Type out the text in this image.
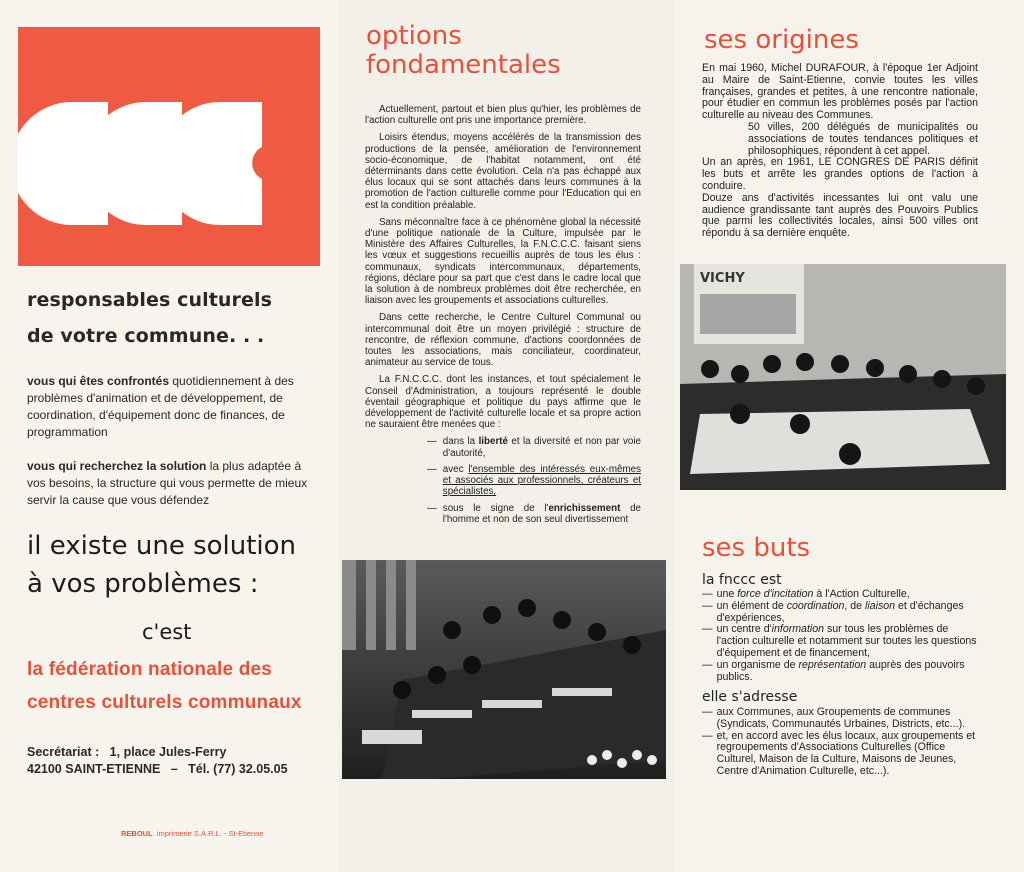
responsables culturels
de votre commune. . .
vous qui êtes confrontés quotidiennement à des problèmes d'animation et de développement, de coordination, d'équipement donc de finances, de programmation
vous qui recherchez la solution la plus adaptée à vos besoins, la structure qui vous permette de mieux servir la cause que vous défendez
il existe une solution
à vos problèmes :
c'est
la fédération nationale des
centres culturels communaux
Secrétariat :   1, place Jules-Ferry
42100 SAINT-ETIENNE   –   Tél. (77) 32.05.05
REBOUL  imprimerie S.A.R.L. - St-Etienne
options
fondamentales

Actuellement, partout et bien plus qu'hier, les problèmes de l'action culturelle ont pris une importance première.

Loisirs étendus, moyens accélérés de la transmission des productions de la pensée, amélioration de l'environnement socio-économique, de l'habitat notamment, ont été déterminants dans cette évolution. Cela n'a pas échappé aux élus locaux qui se sont attachés dans leurs communes à la promotion de l'action culturelle comme pour l'Education qui en est la condition préalable.

Sans méconnaître face à ce phénomène global la nécessité d'une politique nationale de la Culture, impulsée par le Ministère des Affaires Culturelles, la F.N.C.C.C. faisant siens les vœux et suggestions recueillis auprès de tous les élus : communaux, syndicats intercommunaux, départements, régions, déclare pour sa part que c'est dans le cadre local que la solution à de nombreux problèmes doit être recherchée, en liaison avec les groupements et associations culturelles.

Dans cette recherche, le Centre Culturel Communal ou intercommunal doit être un moyen privilégié : structure de rencontre, de réflexion commune, d'actions coordonnées de toutes les associations, mais conciliateur, coordinateur, animateur au service de tous.

La F.N.C.C.C. dont les instances, et tout spécialement le Conseil d'Administration, a toujours représenté le double éventail géographique et politique du pays affirme que le développement de l'activité culturelle locale et sa propre action ne sauraient être menées que :

— dans la liberté et la diversité et non par voie d'autorité,
— avec l'ensemble des intéressés eux-mêmes et associés aux professionnels, créateurs et spécialistes,
— sous le signe de l'enrichissement de l'homme et non de son seul divertissement
ses origines

En mai 1960, Michel DURAFOUR, à l'époque 1er Adjoint au Maire de Saint-Etienne, convie toutes les villes françaises, grandes et petites, à une rencontre nationale, pour étudier en commun les problèmes posés par l'action culturelle au niveau des Communes.

50 villes, 200 délégués de municipalités ou associations de toutes tendances politiques et philosophiques, répondent à cet appel.

Un an après, en 1961, LE CONGRES DE PARIS définit les buts et arrête les grandes options de l'action à conduire.

Douze ans d'activités incessantes lui ont valu une audience grandissante tant auprès des Pouvoirs Publics que parmi les collectivités locales, ainsi 500 villes ont répondu à sa dernière enquête.

VICHY
ses buts
la fnccc est
— une force d'incitation à l'Action Culturelle,
— un élément de coordination, de liaison et d'échanges d'expériences,
— un centre d'information sur tous les problèmes de l'action culturelle et notamment sur toutes les questions d'équipement et de financement,
— un organisme de représentation auprès des pouvoirs publics.
elle s'adresse
— aux Communes, aux Groupements de communes (Syndicats, Communautés Urbaines, Districts, etc...).
— et, en accord avec les élus locaux, aux groupements et regroupements d'Associations Culturelles (Office Culturel, Maison de la Culture, Maisons de Jeunes, Centre d'Animation Culturelle, etc...).
